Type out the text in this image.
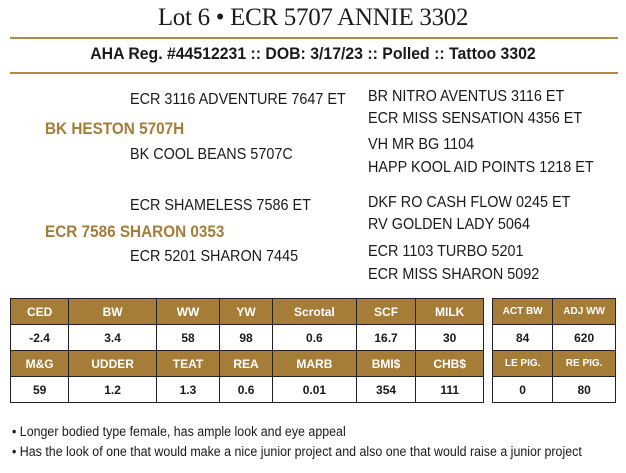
Lot 6 • ECR 5707 ANNIE 3302
AHA Reg. #44512231 :: DOB: 3/17/23 :: Polled :: Tattoo 3302
ECR 3116 ADVENTURE 7647 ET
BK HESTON 5707H
BK COOL BEANS 5707C
BR NITRO AVENTUS 3116 ET
ECR MISS SENSATION 4356 ET
VH MR BG 1104
HAPP KOOL AID POINTS 1218 ET
ECR SHAMELESS 7586 ET
ECR 7586 SHARON 0353
ECR 5201 SHARON 7445
DKF RO CASH FLOW 0245 ET
RV GOLDEN LADY 5064
ECR 1103 TURBO 5201
ECR MISS SHARON 5092
CED	BW	WW	YW	Scrotal	SCF	MILK
-2.4	3.4	58	98	0.6	16.7	30
M&G	UDDER	TEAT	REA	MARB	BMI$	CHB$
59	1.2	1.3	0.6	0.01	354	111
ACT BW	ADJ WW
84	620
LE PIG.	RE PIG.
0	80
• Longer bodied type female, has ample look and eye appeal
• Has the look of one that would make a nice junior project and also one that would raise a junior project
